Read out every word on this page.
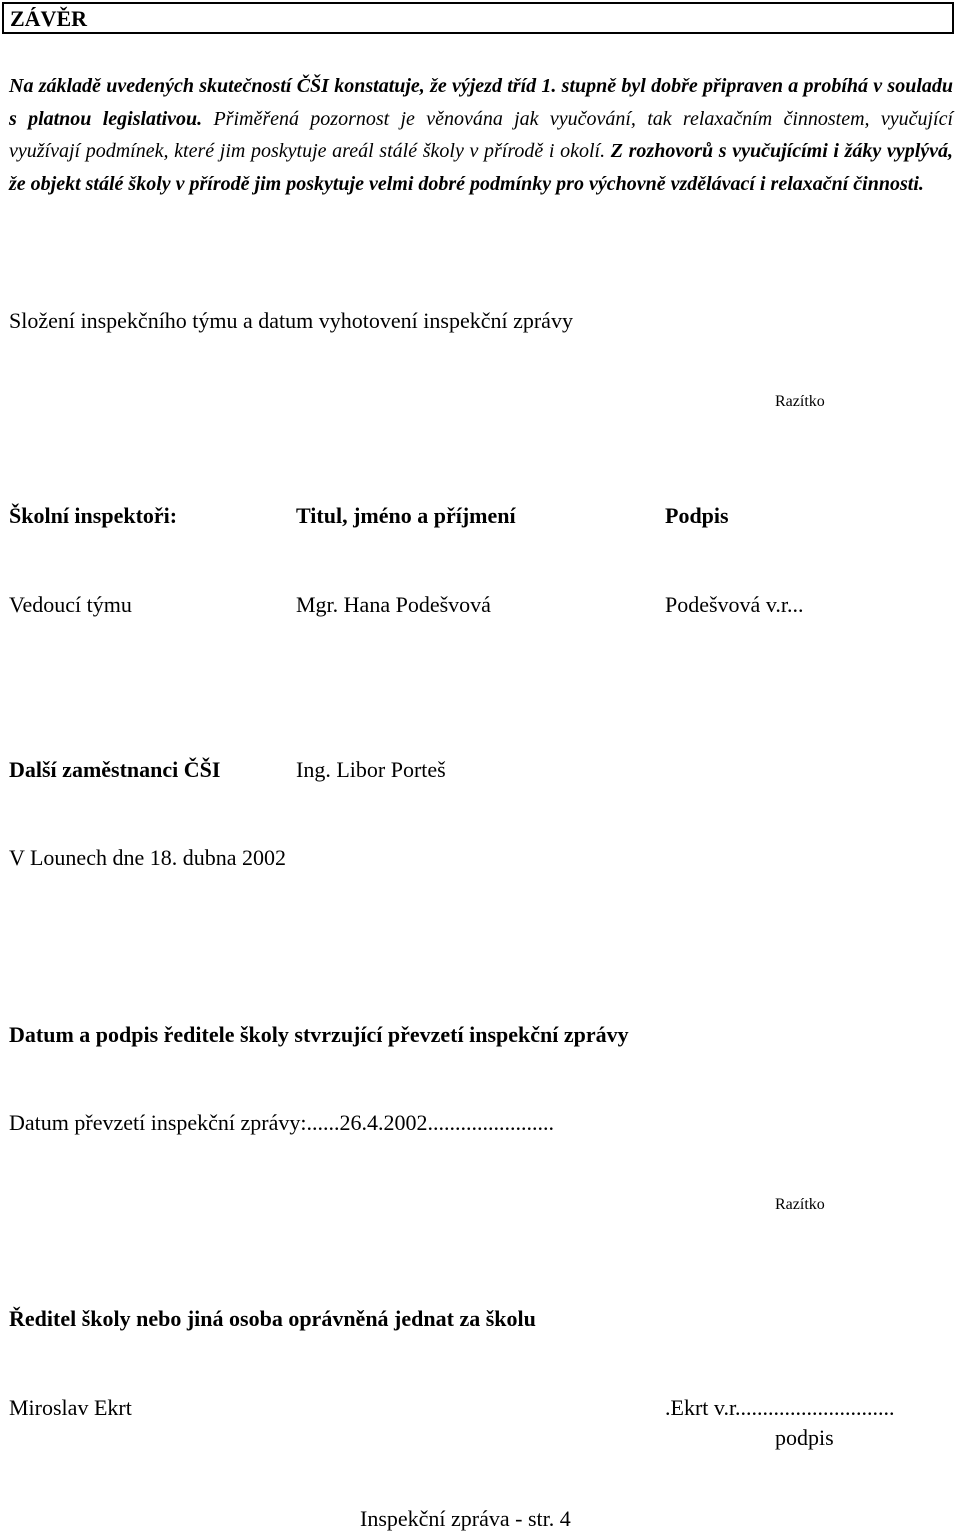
ZÁVĚR
Na základě uvedených skutečností ČŠI konstatuje, že výjezd tříd 1. stupně byl dobře připraven a probíhá v souladu s platnou legislativou. Přiměřená pozornost je věnována jak vyučování, tak relaxačním činnostem, vyučující využívají podmínek, které jim poskytuje areál stálé školy v přírodě i okolí. Z rozhovorů s vyučujícími i žáky vyplývá, že objekt stálé školy v přírodě jim poskytuje velmi dobré podmínky pro výchovně vzdělávací i relaxační činnosti.
Složení inspekčního týmu a datum vyhotovení inspekční zprávy
Razítko
Školní inspektoři:	Titul, jméno a příjmení	Podpis
Vedoucí týmu	Mgr. Hana Podešvová	Podešvová v.r...
Další zaměstnanci ČŠI	Ing. Libor Porteš
V Lounech dne 18. dubna 2002
Datum a podpis ředitele školy stvrzující převzetí inspekční zprávy
Datum převzetí inspekční zprávy:......26.4.2002.......................
Razítko
Ředitel školy nebo jiná osoba oprávněná jednat za školu
Miroslav Ekrt	.Ekrt v.r.............................
podpis
Inspekční zpráva - str. 4
